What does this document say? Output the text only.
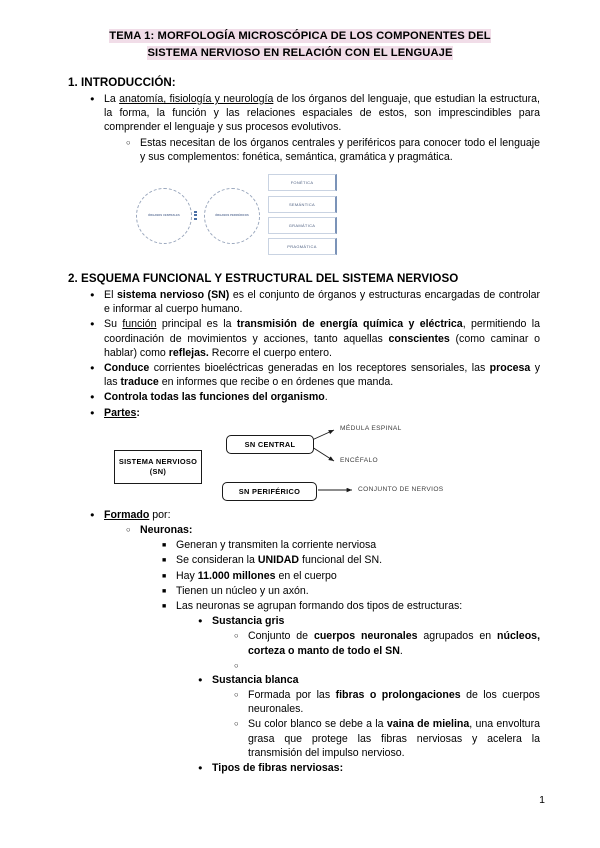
TEMA 1: MORFOLOGÍA MICROSCÓPICA DE LOS COMPONENTES DEL
SISTEMA NERVIOSO EN RELACIÓN CON EL LENGUAJE
1. INTRODUCCIÓN:
●
La anatomía, fisiología y neurología de los órganos del lenguaje, que estudian la estructura, la forma, la función y las relaciones espaciales de estos, son imprescindibles para comprender el lenguaje y sus procesos evolutivos.
○
Estas necesitan de los órganos centrales y periféricos para conocer todo el lenguaje y sus complementos: fonética, semántica, gramática y pragmática.
ÓRGANOS CENTRALES	ÓRGANOS PERIFÉRICOS
FONÉTICA
SEMÁNTICA
GRAMÁTICA
PRAGMÁTICA
2. ESQUEMA FUNCIONAL Y ESTRUCTURAL DEL SISTEMA NERVIOSO
●
El sistema nervioso (SN) es el conjunto de órganos y estructuras encargadas de controlar e informar al cuerpo humano.
●
Su función principal es la transmisión de energía química y eléctrica, permitiendo la coordinación de movimientos y acciones, tanto aquellas conscientes (como caminar o hablar) como reflejas. Recorre el cuerpo entero.
●
Conduce corrientes bioeléctricas generadas en los receptores sensoriales, las procesa y las traduce en informes que recibe o en órdenes que manda.
●
Controla todas las funciones del organismo.
●
Partes:
SISTEMA NERVIOSO (SN)
SN CENTRAL
SN PERIFÉRICO
MÉDULA ESPINAL
ENCÉFALO
CONJUNTO DE NERVIOS
●
Formado por:
○
Neuronas:
■
Generan y transmiten la corriente nerviosa
■
Se consideran la UNIDAD funcional del SN.
■
Hay 11.000 millones en el cuerpo
■
Tienen un núcleo y un axón.
■
Las neuronas se agrupan formando dos tipos de estructuras:
●
Sustancia gris
○
Conjunto de cuerpos neuronales agrupados en núcleos, corteza o manto de todo el SN.
○
●
Sustancia blanca
○
Formada por las fibras o prolongaciones de los cuerpos neuronales.
○
Su color blanco se debe a la vaina de mielina, una envoltura grasa que protege las fibras nerviosas y acelera la transmisión del impulso nervioso.
●
Tipos de fibras nerviosas:
1
